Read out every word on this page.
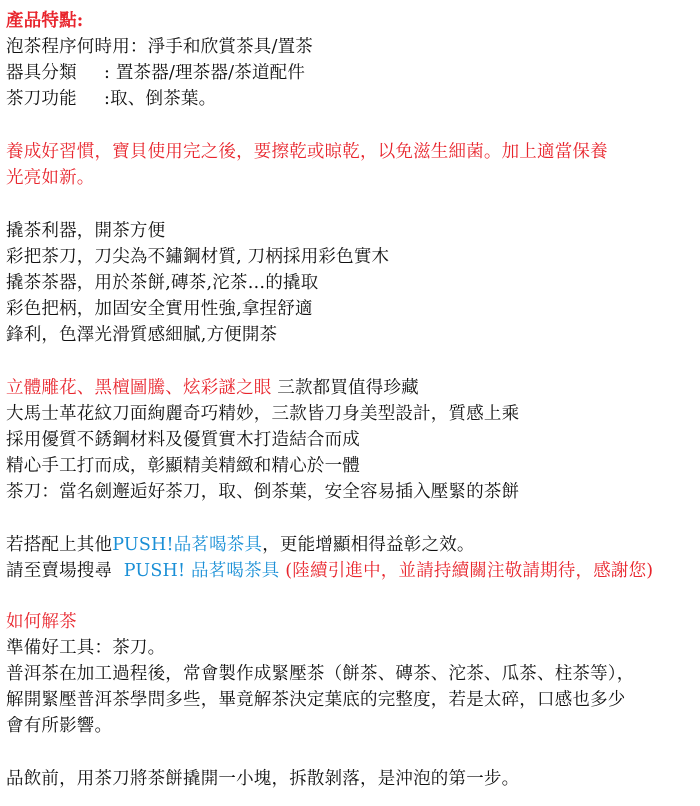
產品特點:
泡茶程序何時用：淨手和欣賞茶具/置茶
器具分類 : 置茶器/理茶器/茶道配件
茶刀功能 :取、倒茶葉。
養成好習慣，寶貝使用完之後，要擦乾或晾乾，以免滋生細菌。加上適當保養
光亮如新。
撬茶利器，開茶方便
彩把茶刀，刀尖為不鏽鋼材質, 刀柄採用彩色實木
撬茶茶器，用於茶餅,磚茶,沱茶…的撬取
彩色把柄，加固安全實用性強,拿捏舒適
鋒利，色澤光滑質感細膩,方便開茶
立體雕花、黑檀圖騰、炫彩謎之眼 三款都買值得珍藏
大馬士革花紋刀面絢麗奇巧精妙，三款皆刀身美型設計，質感上乘
採用優質不銹鋼材料及優質實木打造結合而成
精心手工打而成，彰顯精美精緻和精心於一體
茶刀：當名劍邂逅好茶刀，取、倒茶葉，安全容易插入壓緊的茶餅
若搭配上其他PUSH!品茗喝茶具，更能增顯相得益彰之效。
請至賣場搜尋  PUSH! 品茗喝茶具 (陸續引進中，並請持續關注敬請期待，感謝您)
如何解茶
準備好工具：茶刀。
普洱茶在加工過程後，常會製作成緊壓茶（餅茶、磚茶、沱茶、瓜茶、柱茶等），
解開緊壓普洱茶學問多些，畢竟解茶決定葉底的完整度，若是太碎，口感也多少
會有所影響。
品飲前，用茶刀將茶餅撬開一小塊，拆散剝落，是沖泡的第一步。
